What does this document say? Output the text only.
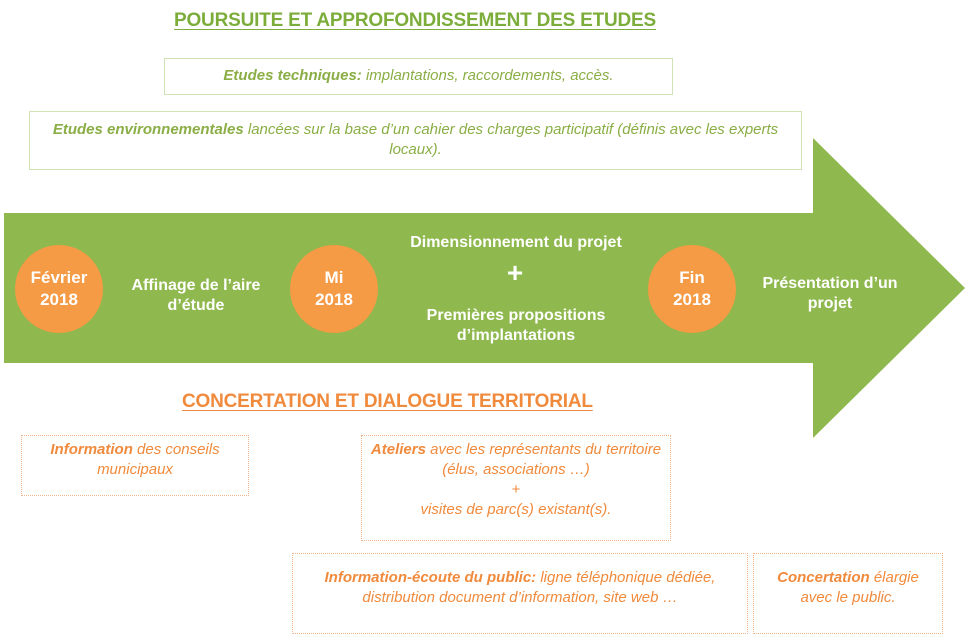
POURSUITE ET APPROFONDISSEMENT DES ETUDES
Etudes techniques: implantations, raccordements, accès.
Etudes environnementales lancées sur la base d’un cahier des charges participatif (définis avec les experts locaux).
Février
2018
Mi
2018
Fin
2018
Affinage de l’aire
d’étude
Dimensionnement du projet
+
Premières propositions
d’implantations
Présentation d’un
projet
CONCERTATION ET DIALOGUE TERRITORIAL
Information des conseils municipaux
Ateliers avec les représentants du territoire (élus, associations …)
+
visites de parc(s) existant(s).
Information-écoute du public: ligne téléphonique dédiée, distribution document d’information, site web …
Concertation élargie avec le public.
